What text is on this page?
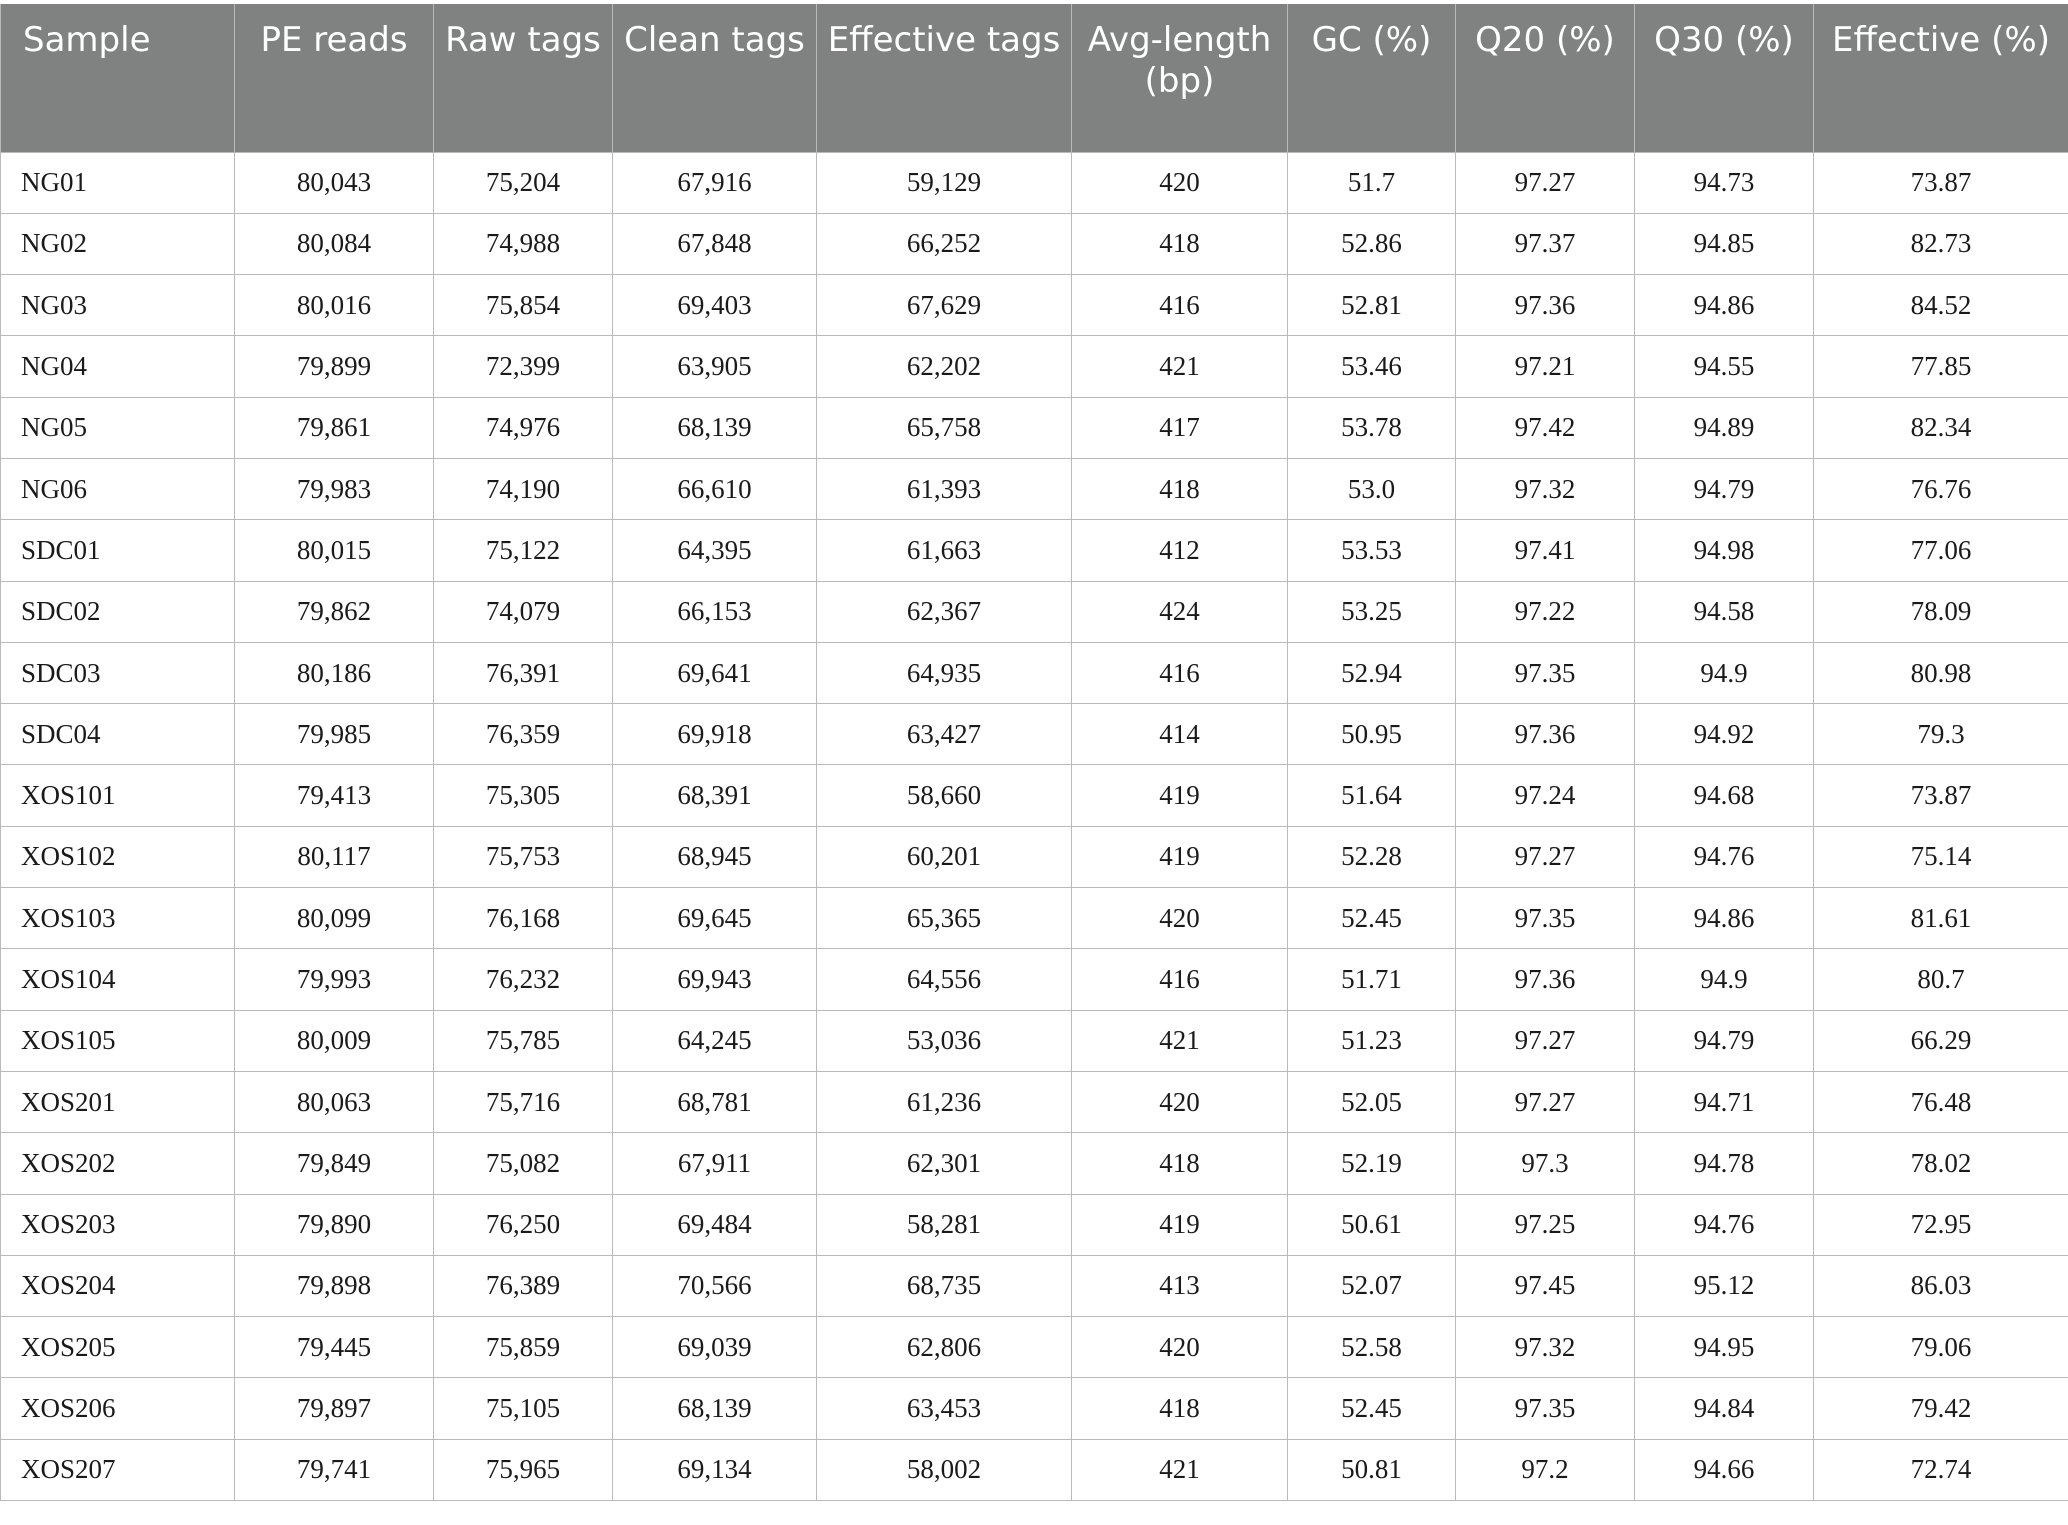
Sample	PE reads	Raw tags	Clean tags	Effective tags	Avg-length (bp)	GC (%)	Q20 (%)	Q30 (%)	Effective (%)
NG01	80,043	75,204	67,916	59,129	420	51.7	97.27	94.73	73.87
NG02	80,084	74,988	67,848	66,252	418	52.86	97.37	94.85	82.73
NG03	80,016	75,854	69,403	67,629	416	52.81	97.36	94.86	84.52
NG04	79,899	72,399	63,905	62,202	421	53.46	97.21	94.55	77.85
NG05	79,861	74,976	68,139	65,758	417	53.78	97.42	94.89	82.34
NG06	79,983	74,190	66,610	61,393	418	53.0	97.32	94.79	76.76
SDC01	80,015	75,122	64,395	61,663	412	53.53	97.41	94.98	77.06
SDC02	79,862	74,079	66,153	62,367	424	53.25	97.22	94.58	78.09
SDC03	80,186	76,391	69,641	64,935	416	52.94	97.35	94.9	80.98
SDC04	79,985	76,359	69,918	63,427	414	50.95	97.36	94.92	79.3
XOS101	79,413	75,305	68,391	58,660	419	51.64	97.24	94.68	73.87
XOS102	80,117	75,753	68,945	60,201	419	52.28	97.27	94.76	75.14
XOS103	80,099	76,168	69,645	65,365	420	52.45	97.35	94.86	81.61
XOS104	79,993	76,232	69,943	64,556	416	51.71	97.36	94.9	80.7
XOS105	80,009	75,785	64,245	53,036	421	51.23	97.27	94.79	66.29
XOS201	80,063	75,716	68,781	61,236	420	52.05	97.27	94.71	76.48
XOS202	79,849	75,082	67,911	62,301	418	52.19	97.3	94.78	78.02
XOS203	79,890	76,250	69,484	58,281	419	50.61	97.25	94.76	72.95
XOS204	79,898	76,389	70,566	68,735	413	52.07	97.45	95.12	86.03
XOS205	79,445	75,859	69,039	62,806	420	52.58	97.32	94.95	79.06
XOS206	79,897	75,105	68,139	63,453	418	52.45	97.35	94.84	79.42
XOS207	79,741	75,965	69,134	58,002	421	50.81	97.2	94.66	72.74
